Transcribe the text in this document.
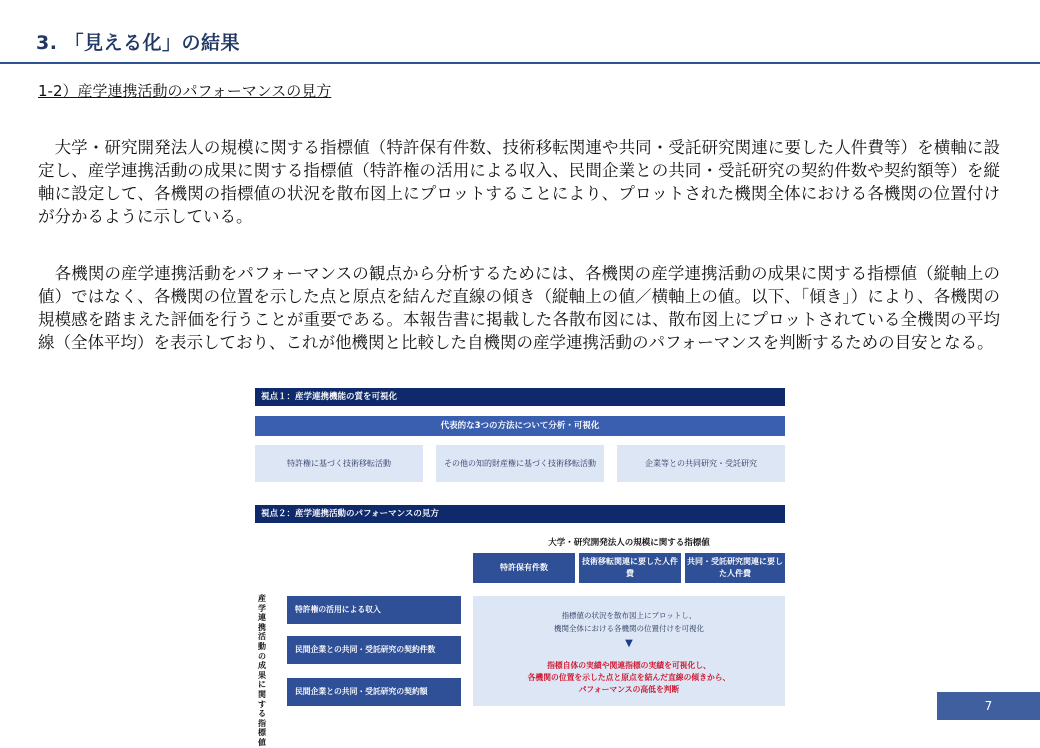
3. 「見える化」の結果
1-2）産学連携活動のパフォーマンスの見方

　大学・研究開発法人の規模に関する指標値（特許保有件数、技術移転関連や共同・受託研究関連に要した人件費等）を横軸に設定し、産学連携活動の成果に関する指標値（特許権の活用による収入、民間企業との共同・受託研究の契約件数や契約額等）を縦軸に設定して、各機関の指標値の状況を散布図上にプロットすることにより、プロットされた機関全体における各機関の位置付けが分かるように示している。

　各機関の産学連携活動をパフォーマンスの観点から分析するためには、各機関の産学連携活動の成果に関する指標値（縦軸上の値）ではなく、各機関の位置を示した点と原点を結んだ直線の傾き（縦軸上の値／横軸上の値。以下、「傾き」）により、各機関の規模感を踏まえた評価を行うことが重要である。本報告書に掲載した各散布図には、散布図上にプロットされている全機関の平均線（全体平均）を表示しており、これが他機関と比較した自機関の産学連携活動のパフォーマンスを判断するための目安となる。

視点１：産学連携機能の質を可視化
代表的な3つの方法について分析・可視化
特許権に基づく技術移転活動	その他の知的財産権に基づく技術移転活動	企業等との共同研究・受託研究
視点２：産学連携活動のパフォーマンスの見方
大学・研究開発法人の規模に関する指標値
特許保有件数
技術移転関連に要した人件費
共同・受託研究関連に要した人件費
産学連携活動の成果に関する指標値
特許権の活用による収入
民間企業との共同・受託研究の契約件数
民間企業との共同・受託研究の契約額
指標値の状況を散布図上にプロットし、
機関全体における各機関の位置付けを可視化
▼
指標自体の実績や関連指標の実績を可視化し、
各機関の位置を示した点と原点を結んだ直線の傾きから、
パフォーマンスの高低を判断
7
